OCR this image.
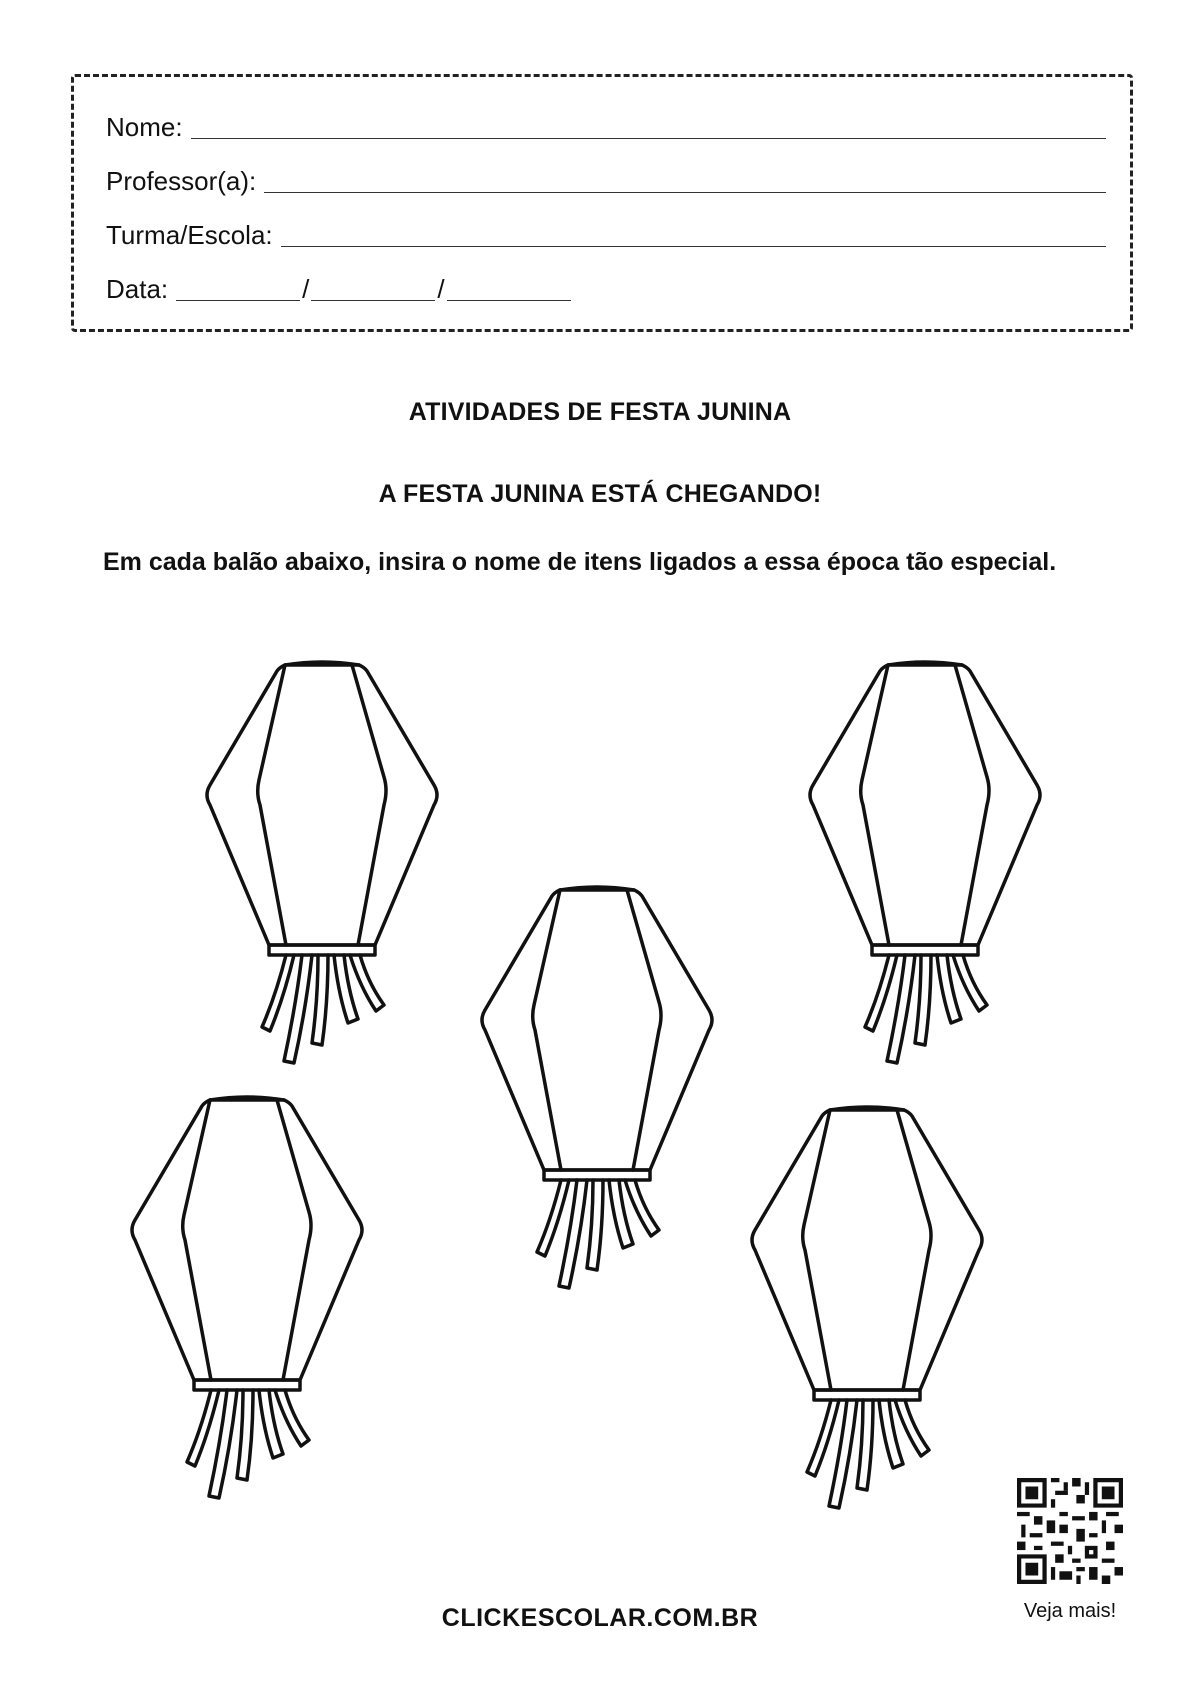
Nome:
Professor(a):
Turma/Escola:
Data:	/	/
ATIVIDADES DE FESTA JUNINA
A FESTA JUNINA ESTÁ CHEGANDO!
Em cada balão abaixo, insira o nome de itens ligados a essa época tão especial.
CLICKESCOLAR.COM.BR	Veja mais!
